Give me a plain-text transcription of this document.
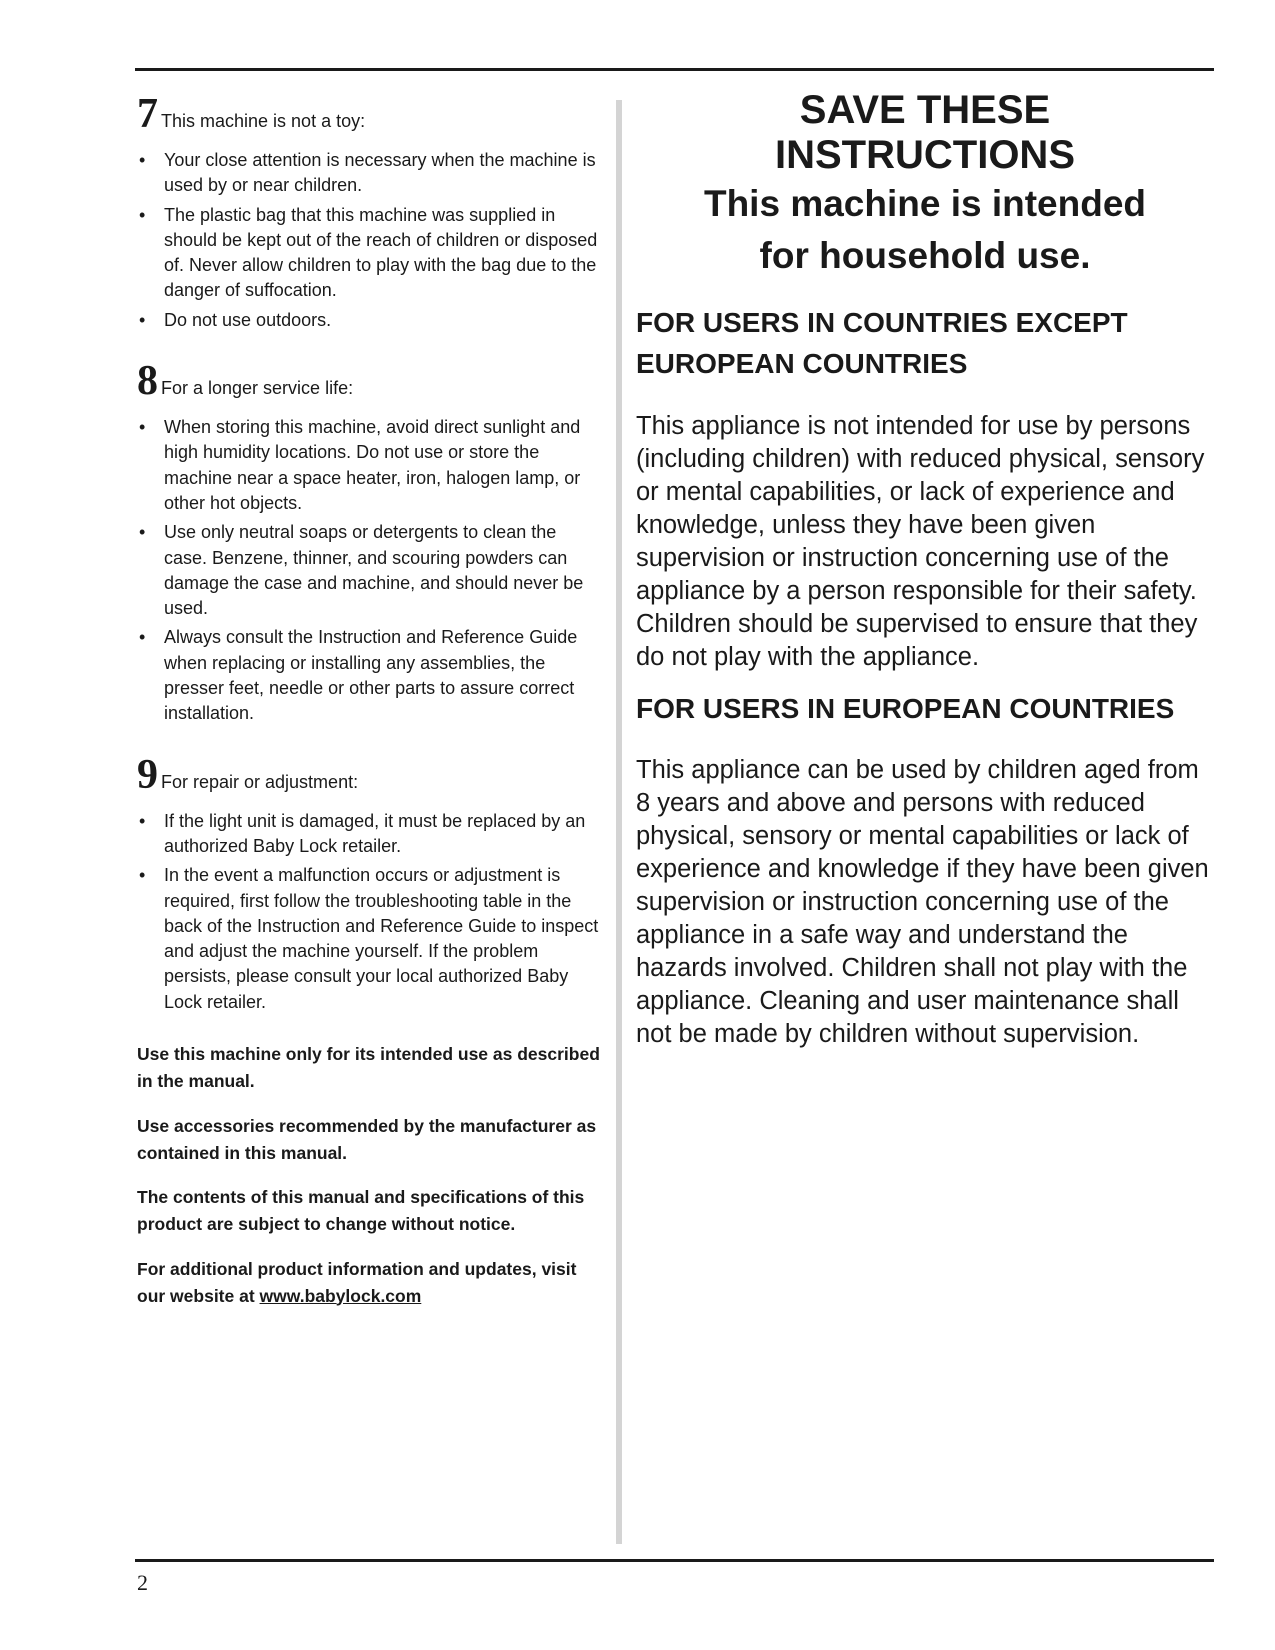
7 This machine is not a toy:
• Your close attention is necessary when the machine is used by or near children.
• The plastic bag that this machine was supplied in should be kept out of the reach of children or disposed of. Never allow children to play with the bag due to the danger of suffocation.
• Do not use outdoors.
8 For a longer service life:
• When storing this machine, avoid direct sunlight and high humidity locations. Do not use or store the machine near a space heater, iron, halogen lamp, or other hot objects.
• Use only neutral soaps or detergents to clean the case. Benzene, thinner, and scouring powders can damage the case and machine, and should never be used.
• Always consult the Instruction and Reference Guide when replacing or installing any assemblies, the presser feet, needle or other parts to assure correct installation.
9 For repair or adjustment:
• If the light unit is damaged, it must be replaced by an authorized Baby Lock retailer.
• In the event a malfunction occurs or adjustment is required, first follow the troubleshooting table in the back of the Instruction and Reference Guide to inspect and adjust the machine yourself. If the problem persists, please consult your local authorized Baby Lock retailer.

Use this machine only for its intended use as described in the manual.

Use accessories recommended by the manufacturer as contained in this manual.

The contents of this manual and specifications of this product are subject to change without notice.

For additional product information and updates, visit our website at www.babylock.com

SAVE THESE INSTRUCTIONS
This machine is intended for household use.
FOR USERS IN COUNTRIES EXCEPT EUROPEAN COUNTRIES

This appliance is not intended for use by persons (including children) with reduced physical, sensory or mental capabilities, or lack of experience and knowledge, unless they have been given supervision or instruction concerning use of the appliance by a person responsible for their safety. Children should be supervised to ensure that they do not play with the appliance.

FOR USERS IN EUROPEAN COUNTRIES

This appliance can be used by children aged from 8 years and above and persons with reduced physical, sensory or mental capabilities or lack of experience and knowledge if they have been given supervision or instruction concerning use of the appliance in a safe way and understand the hazards involved. Children shall not play with the appliance. Cleaning and user maintenance shall not be made by children without supervision.

2
